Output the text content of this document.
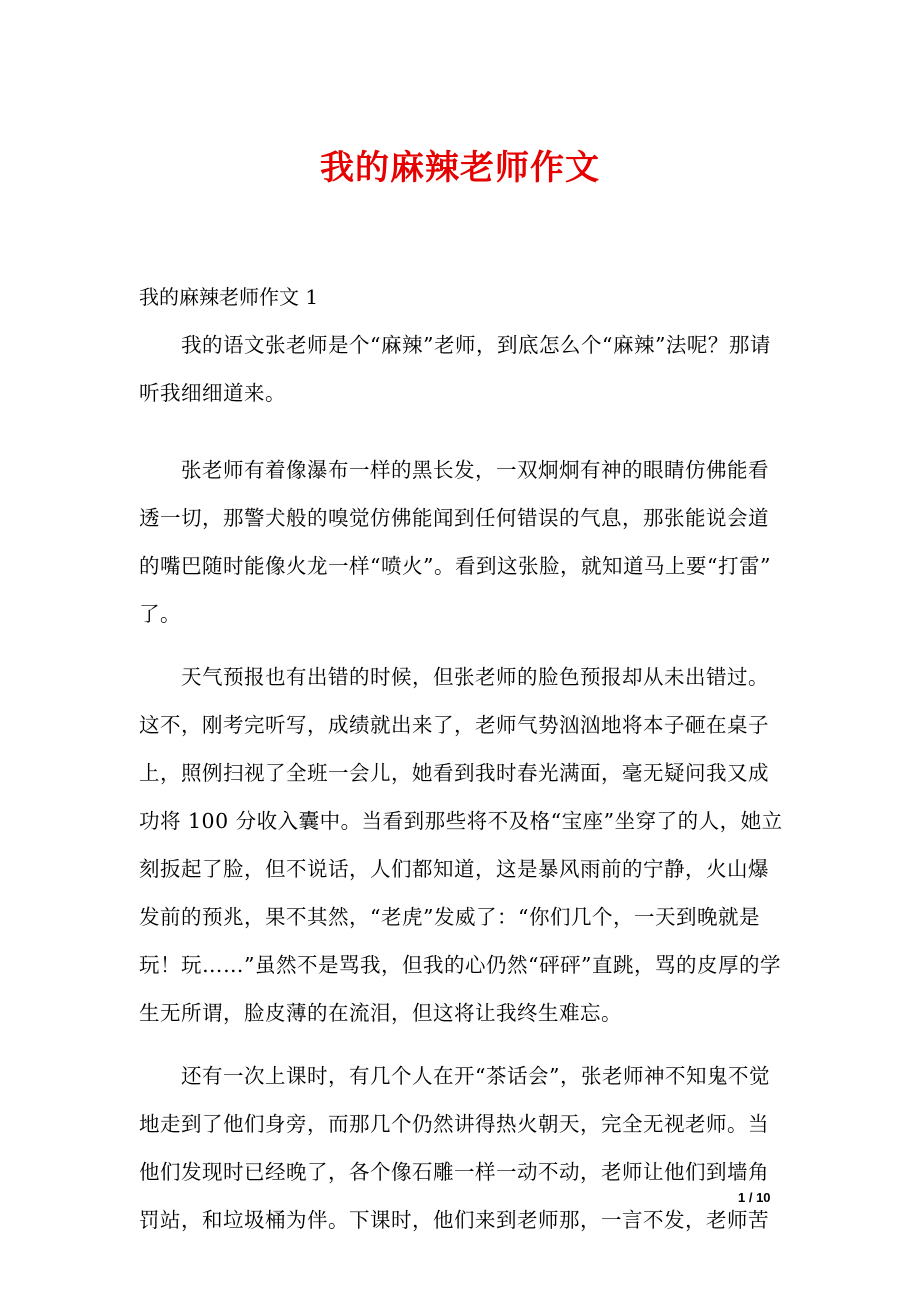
我的麻辣老师作文
我的麻辣老师作文 1
我的语文张老师是个“麻辣”老师，到底怎么个“麻辣”法呢？那请
听我细细道来。
张老师有着像瀑布一样的黑长发，一双炯炯有神的眼睛仿佛能看
透一切，那警犬般的嗅觉仿佛能闻到任何错误的气息，那张能说会道
的嘴巴随时能像火龙一样“喷火”。看到这张脸，就知道马上要“打雷”
了。
天气预报也有出错的时候，但张老师的脸色预报却从未出错过。
这不，刚考完听写，成绩就出来了，老师气势汹汹地将本子砸在桌子
上，照例扫视了全班一会儿，她看到我时春光满面，毫无疑问我又成
功将 100 分收入囊中。当看到那些将不及格“宝座”坐穿了的人，她立
刻扳起了脸，但不说话，人们都知道，这是暴风雨前的宁静，火山爆
发前的预兆，果不其然，“老虎”发威了：“你们几个，一天到晚就是
玩！玩……”虽然不是骂我，但我的心仍然“砰砰”直跳，骂的皮厚的学
生无所谓，脸皮薄的在流泪，但这将让我终生难忘。
还有一次上课时，有几个人在开“茶话会”，张老师神不知鬼不觉
地走到了他们身旁，而那几个仍然讲得热火朝天，完全无视老师。当
他们发现时已经晚了，各个像石雕一样一动不动，老师让他们到墙角
罚站，和垃圾桶为伴。下课时，他们来到老师那，一言不发，老师苦
1 / 10
